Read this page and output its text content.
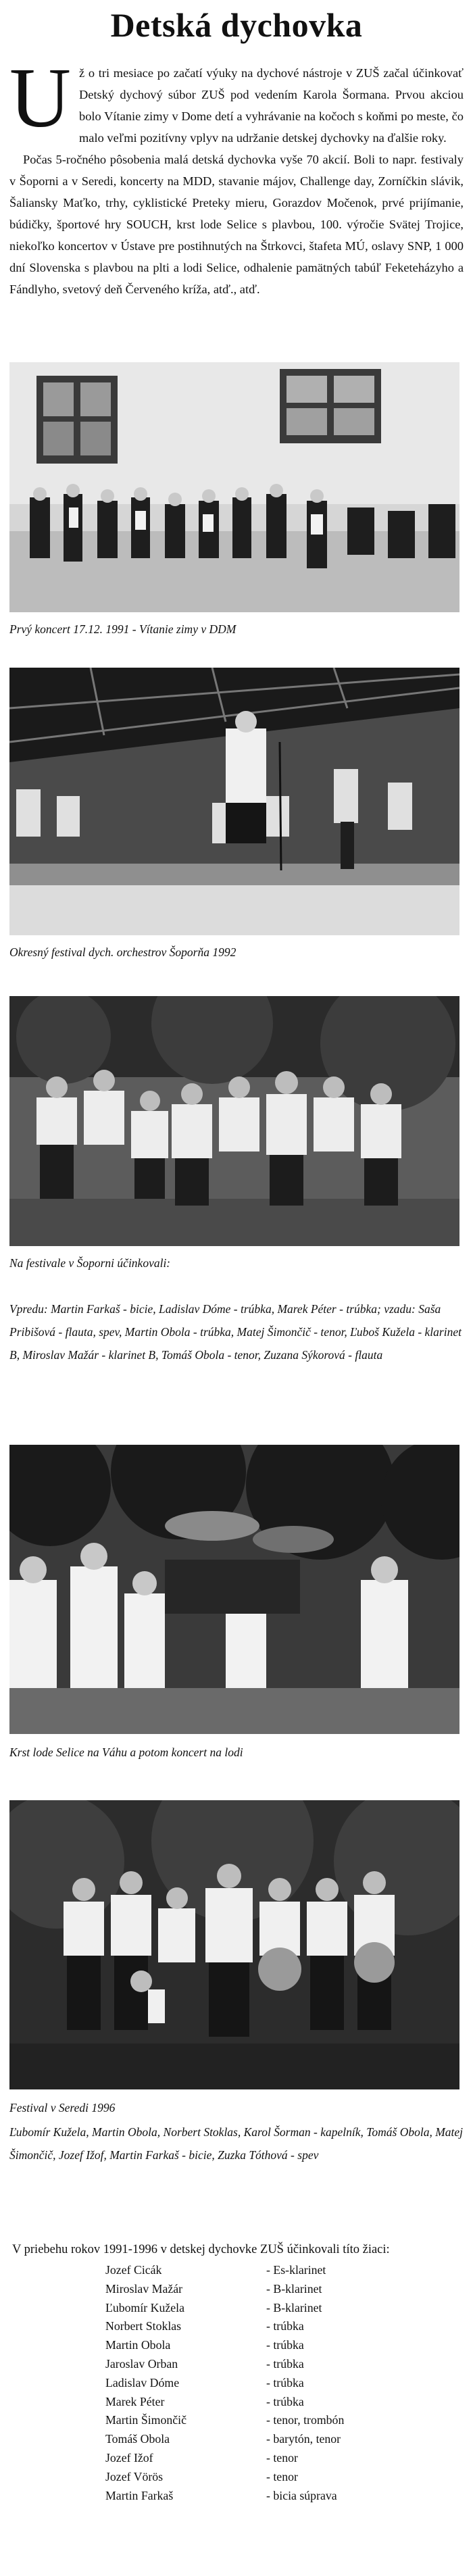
Detská dychovka
U ž o tri mesiace po začatí výuky na dychové nástroje v ZUŠ začal účinkovať Detský dychový súbor ZUŠ pod vedením Karola Šormana. Prvou akciou bolo Vítanie zimy v Dome detí a vyhrávanie na kočoch s koňmi po meste, čo malo veľmi pozitívny vplyv na udržanie detskej dychovky na ďalšie roky.

Počas 5-ročného pôsobenia malá detská dychovka vyše 70 akcií. Boli to napr. festivaly v Šoporni a v Seredi, koncerty na MDD, stavanie májov, Challenge day, Zorníčkin slávik, Šaliansky Maťko, trhy, cyklistické Preteky mieru, Gorazdov Močenok, prvé prijímanie, búdičky, športové hry SOUCH, krst lode Selice s plavbou, 100. výročie Svätej Trojice, niekoľko koncertov v Ústave pre postihnutých na Štrkovci, štafeta MÚ, oslavy SNP, 1 000 dní Slovenska s plavbou na plti a lodi Selice, odhalenie pamätných tabúľ Feketeházyho a Fándlyho, svetový deň Červeného kríža, atď., atď.

Prvý koncert 17.12. 1991 - Vítanie zimy v DDM
Okresný festival dych. orchestrov Šoporňa 1992
Na festivale v Šoporni účinkovali:
Vpredu: Martin Farkaš - bicie, Ladislav Dóme - trúbka, Marek Péter - trúbka; vzadu: Saša Pribišová - flauta, spev, Martin Obola - trúbka, Matej Šimončič - tenor, Ľuboš Kuželа - klarinet B, Miroslav Mažár - klarinet B, Tomáš Obola - tenor, Zuzana Sýkorová - flauta
Krst lode Selice na Váhu a potom koncert na lodi
Festival v Seredi 1996
Ľubomír Kužela, Martin Obola, Norbert Stoklas, Karol Šorman - kapelník, Tomáš Obola, Matej Šimončič, Jozef Ižof, Martin Farkaš - bicie, Zuzka Tóthová - spev
V priebehu rokov 1991-1996 v detskej dychovke ZUŠ účinkovali títo žiaci:
Jozef Cicák	- Es-klarinet
Miroslav Mažár	- B-klarinet
Ľubomír Kužela	- B-klarinet
Norbert Stoklas	- trúbka
Martin Obola	- trúbka
Jaroslav Orban	- trúbka
Ladislav Dóme	- trúbka
Marek Péter	- trúbka
Martin Šimončič	- tenor, trombón
Tomáš Obola	- barytón, tenor
Jozef Ižof	- tenor
Jozef Vörös	- tenor
Martin Farkaš	- bicia súprava
